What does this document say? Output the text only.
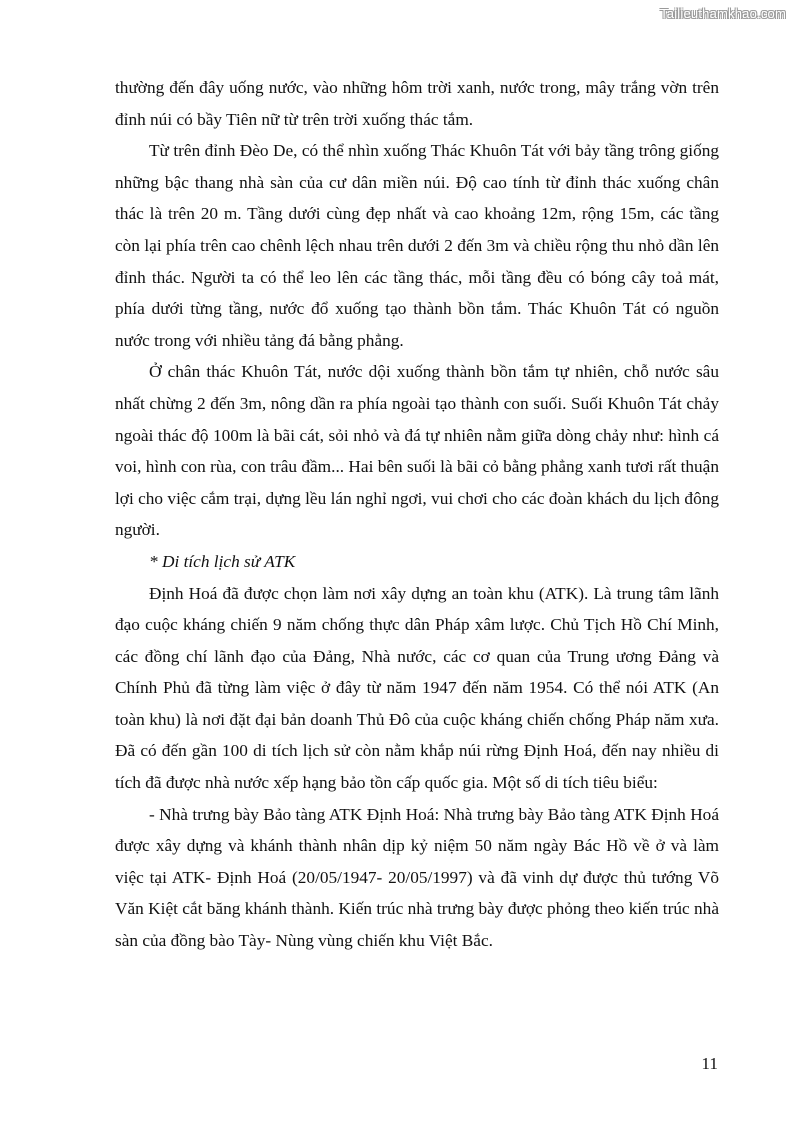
Tailieuthamkhao.com

thường đến đây uống nước, vào những hôm trời xanh, nước trong, mây trắng vờn trên đỉnh núi có bầy Tiên nữ từ trên trời xuống thác tắm.

Từ trên đỉnh Đèo De, có thể nhìn xuống Thác Khuôn Tát với bảy tầng trông giống những bậc thang nhà sàn của cư dân miền núi. Độ cao tính từ đỉnh thác xuống chân thác là trên 20 m. Tầng dưới cùng đẹp nhất và cao khoảng 12m, rộng 15m, các tầng còn lại phía trên cao chênh lệch nhau trên dưới 2 đến 3m và chiều rộng thu nhỏ dần lên đỉnh thác. Người ta có thể leo lên các tầng thác, mỗi tầng đều có bóng cây toả mát, phía dưới từng tầng, nước đổ xuống tạo thành bồn tắm. Thác Khuôn Tát có nguồn nước trong với nhiều tảng đá bằng phẳng.

Ở chân thác Khuôn Tát, nước dội xuống thành bồn tắm tự nhiên, chỗ nước sâu nhất chừng 2 đến 3m, nông dần ra phía ngoài tạo thành con suối. Suối Khuôn Tát chảy ngoài thác độ 100m là bãi cát, sỏi nhỏ và đá tự nhiên nằm giữa dòng chảy như: hình cá voi, hình con rùa, con trâu đầm... Hai bên suối là bãi cỏ bằng phẳng xanh tươi rất thuận lợi cho việc cắm trại, dựng lều lán nghỉ ngơi, vui chơi cho các đoàn khách du lịch đông người.

* Di tích lịch sử ATK

Định Hoá đã được chọn làm nơi xây dựng an toàn khu (ATK). Là trung tâm lãnh đạo cuộc kháng chiến 9 năm chống thực dân Pháp xâm lược. Chủ Tịch Hồ Chí Minh, các đồng chí lãnh đạo của Đảng, Nhà nước, các cơ quan của Trung ương Đảng và Chính Phủ đã từng làm việc ở đây từ năm 1947 đến năm 1954. Có thể nói ATK (An toàn khu) là nơi đặt đại bản doanh Thủ Đô của cuộc kháng chiến chống Pháp năm xưa. Đã có đến gần 100 di tích lịch sử còn nằm khắp núi rừng Định Hoá, đến nay nhiều di tích đã được nhà nước xếp hạng bảo tồn cấp quốc gia. Một số di tích tiêu biểu:

- Nhà trưng bày Bảo tàng ATK Định Hoá: Nhà trưng bày Bảo tàng ATK Định Hoá được xây dựng và khánh thành nhân dịp kỷ niệm 50 năm ngày Bác Hồ về ở và làm việc tại ATK- Định Hoá (20/05/1947- 20/05/1997) và đã vinh dự được thủ tướng Võ Văn Kiệt cắt băng khánh thành. Kiến trúc nhà trưng bày được phỏng theo kiến trúc nhà sàn của đồng bào Tày- Nùng vùng chiến khu Việt Bắc.

11
